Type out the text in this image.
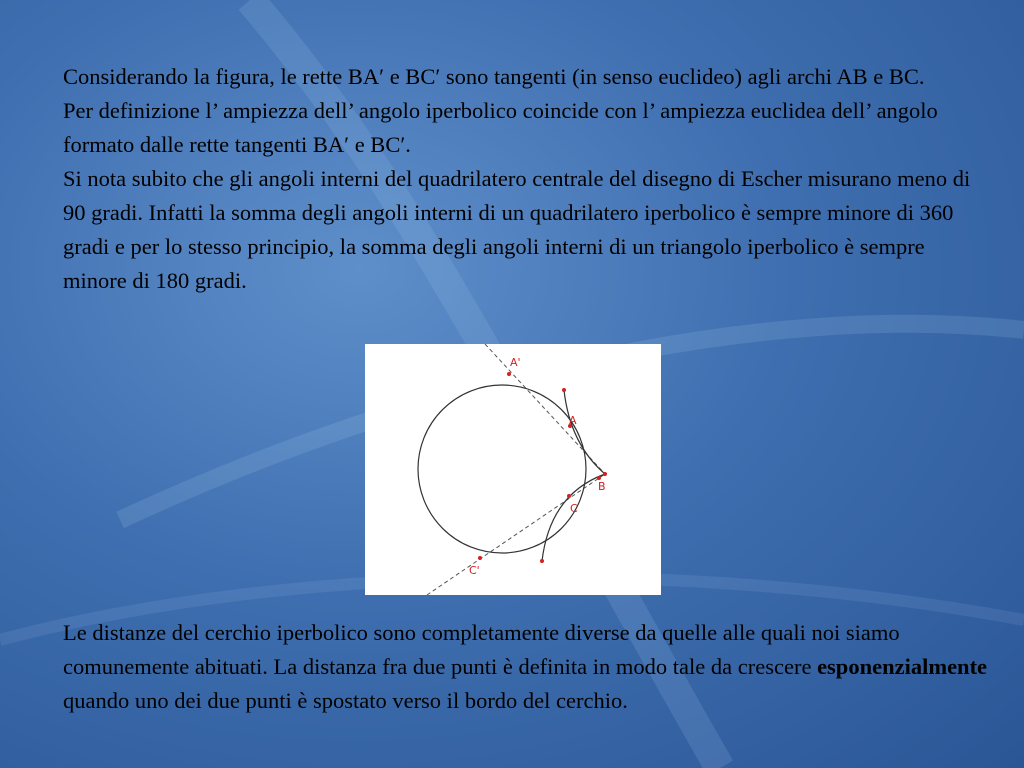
Considerando la figura, le rette BA′ e BC′ sono tangenti (in senso euclideo) agli archi AB e BC.

Per definizione l’ ampiezza dell’ angolo iperbolico coincide con l’ ampiezza euclidea dell’ angolo formato dalle rette tangenti BA′ e BC′.

Si nota subito che gli angoli interni del quadrilatero centrale del disegno di Escher misurano meno di 90 gradi. Infatti la somma degli angoli interni di un quadrilatero iperbolico è sempre minore di 360 gradi e per lo stesso principio, la somma degli angoli interni di un triangolo iperbolico è sempre minore di 180 gradi.

A'
A
B
C
C'

Le distanze del cerchio iperbolico sono completamente diverse da quelle alle quali noi siamo comunemente abituati. La distanza fra due punti è definita in modo tale da crescere esponenzialmente quando uno dei due punti è spostato verso il bordo del cerchio.
